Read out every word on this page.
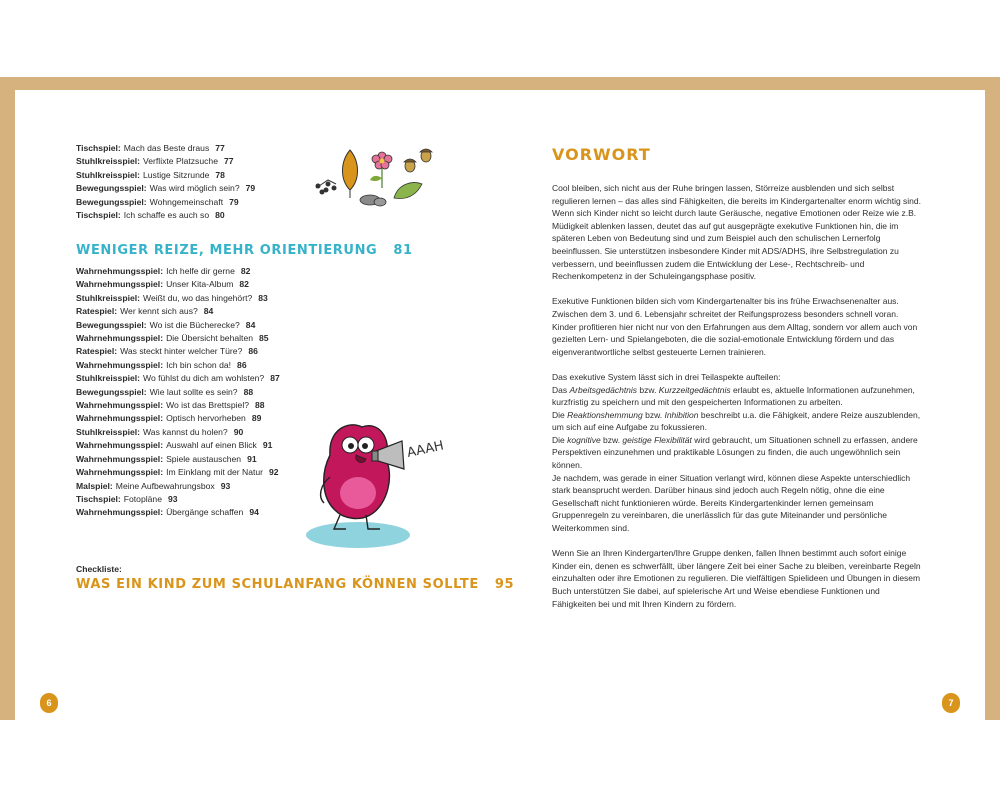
Tischspiel: Mach das Beste draus 77
Stuhlkreisspiel: Verflixte Platzsuche 77
Stuhlkreisspiel: Lustige Sitzrunde 78
Bewegungsspiel: Was wird möglich sein? 79
Bewegungsspiel: Wohngemeinschaft 79
Tischspiel: Ich schaffe es auch so 80
WENIGER REIZE, MEHR ORIENTIERUNG 81
Wahrnehmungsspiel: Ich helfe dir gerne 82
Wahrnehmungsspiel: Unser Kita-Album 82
Stuhlkreisspiel: Weißt du, wo das hingehört? 83
Ratespiel: Wer kennt sich aus? 84
Bewegungsspiel: Wo ist die Bücherecke? 84
Wahrnehmungsspiel: Die Übersicht behalten 85
Ratespiel: Was steckt hinter welcher Türe? 86
Wahrnehmungsspiel: Ich bin schon da! 86
Stuhlkreisspiel: Wo fühlst du dich am wohlsten? 87
Bewegungsspiel: Wie laut sollte es sein? 88
Wahrnehmungsspiel: Wo ist das Brettspiel? 88
Wahrnehmungsspiel: Optisch hervorheben 89
Stuhlkreisspiel: Was kannst du holen? 90
Wahrnehmungsspiel: Auswahl auf einen Blick 91
Wahrnehmungsspiel: Spiele austauschen 91
Wahrnehmungsspiel: Im Einklang mit der Natur 92
Malspiel: Meine Aufbewahrungsbox 93
Tischspiel: Fotopläne 93
Wahrnehmungsspiel: Übergänge schaffen 94
Checkliste:
WAS EIN KIND ZUM SCHULANFANG KÖNNEN SOLLTE 95
AAAH
VORWORT

Cool bleiben, sich nicht aus der Ruhe bringen lassen, Störreize ausblenden und sich selbst regulieren lernen – das alles sind Fähigkeiten, die bereits im Kindergartenalter enorm wichtig sind. Wenn sich Kinder nicht so leicht durch laute Geräusche, negative Emotionen oder Reize wie z.B. Müdigkeit ablenken lassen, deutet das auf gut ausgeprägte exekutive Funktionen hin, die im späteren Leben von Bedeutung sind und zum Beispiel auch den schulischen Lernerfolg beeinflussen. Sie unterstützen insbesondere Kinder mit ADS/ADHS, ihre Selbstregulation zu verbessern, und beeinflussen zudem die Entwicklung der Lese-, Rechtschreib- und Rechenkompetenz in der Schuleingangsphase positiv.

Exekutive Funktionen bilden sich vom Kindergartenalter bis ins frühe Erwachsenenalter aus. Zwischen dem 3. und 6. Lebensjahr schreitet der Reifungsprozess besonders schnell voran. Kinder profitieren hier nicht nur von den Erfahrungen aus dem Alltag, sondern vor allem auch von gezielten Lern- und Spielangeboten, die die sozial-emotionale Entwicklung fördern und das eigenverantwortliche selbst gesteuerte Lernen trainieren.

Das exekutive System lässt sich in drei Teilaspekte aufteilen:
Das Arbeitsgedächtnis bzw. Kurzzeitgedächtnis erlaubt es, aktuelle Informationen aufzunehmen, kurzfristig zu speichern und mit den gespeicherten Informationen zu arbeiten.
Die Reaktionshemmung bzw. Inhibition beschreibt u.a. die Fähigkeit, andere Reize auszublenden, um sich auf eine Aufgabe zu fokussieren.
Die kognitive bzw. geistige Flexibilität wird gebraucht, um Situationen schnell zu erfassen, andere Perspektiven einzunehmen und praktikable Lösungen zu finden, die auch ungewöhnlich sein können.
Je nachdem, was gerade in einer Situation verlangt wird, können diese Aspekte unterschiedlich stark beansprucht werden. Darüber hinaus sind jedoch auch Regeln nötig, ohne die eine Gesellschaft nicht funktionieren würde. Bereits Kindergartenkinder lernen gemeinsam Gruppenregeln zu vereinbaren, die unerlässlich für das gute Miteinander und persönliche Weiterkommen sind.

Wenn Sie an Ihren Kindergarten/Ihre Gruppe denken, fallen Ihnen bestimmt auch sofort einige Kinder ein, denen es schwerfällt, über längere Zeit bei einer Sache zu bleiben, vereinbarte Regeln einzuhalten oder ihre Emotionen zu regulieren. Die vielfältigen Spielideen und Übungen in diesem Buch unterstützen Sie dabei, auf spielerische Art und Weise ebendiese Funktionen und Fähigkeiten bei und mit Ihren Kindern zu fördern.

6	7
